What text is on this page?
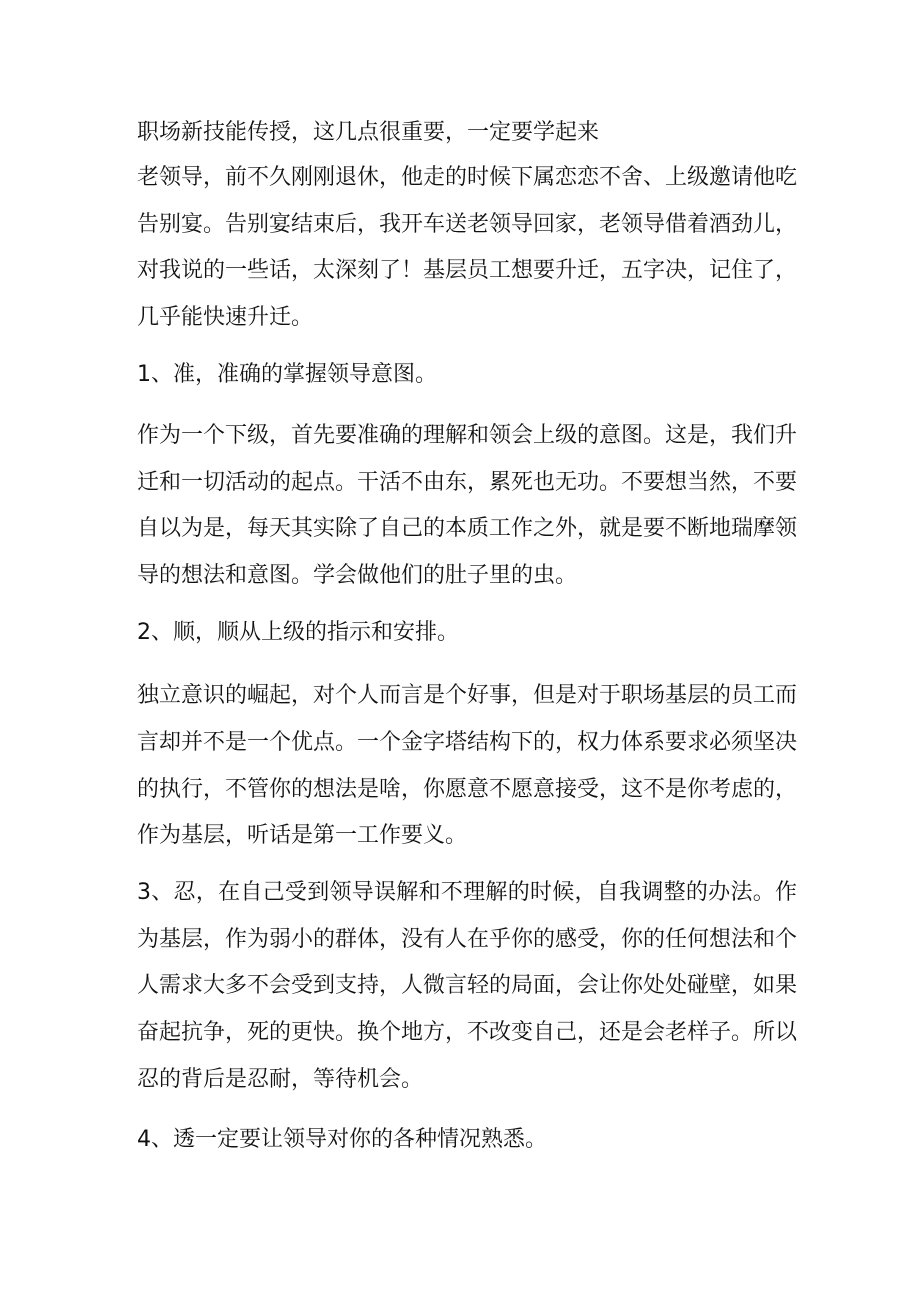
职场新技能传授，这几点很重要，一定要学起来
老领导，前不久刚刚退休，他走的时候下属恋恋不舍、上级邀请他吃
告别宴。告别宴结束后，我开车送老领导回家，老领导借着酒劲儿，
对我说的一些话，太深刻了！基层员工想要升迁，五字决，记住了，
几乎能快速升迁。
1、准，准确的掌握领导意图。
作为一个下级，首先要准确的理解和领会上级的意图。这是，我们升
迁和一切活动的起点。干活不由东，累死也无功。不要想当然，不要
自以为是，每天其实除了自己的本质工作之外，就是要不断地瑞摩领
导的想法和意图。学会做他们的肚子里的虫。
2、顺，顺从上级的指示和安排。
独立意识的崛起，对个人而言是个好事，但是对于职场基层的员工而
言却并不是一个优点。一个金字塔结构下的，权力体系要求必须坚决
的执行，不管你的想法是啥，你愿意不愿意接受，这不是你考虑的，
作为基层，听话是第一工作要义。
3、忍，在自己受到领导误解和不理解的时候，自我调整的办法。作
为基层，作为弱小的群体，没有人在乎你的感受，你的任何想法和个
人需求大多不会受到支持，人微言轻的局面，会让你处处碰壁，如果
奋起抗争，死的更快。换个地方，不改变自己，还是会老样子。所以
忍的背后是忍耐，等待机会。
4、透一定要让领导对你的各种情况熟悉。
